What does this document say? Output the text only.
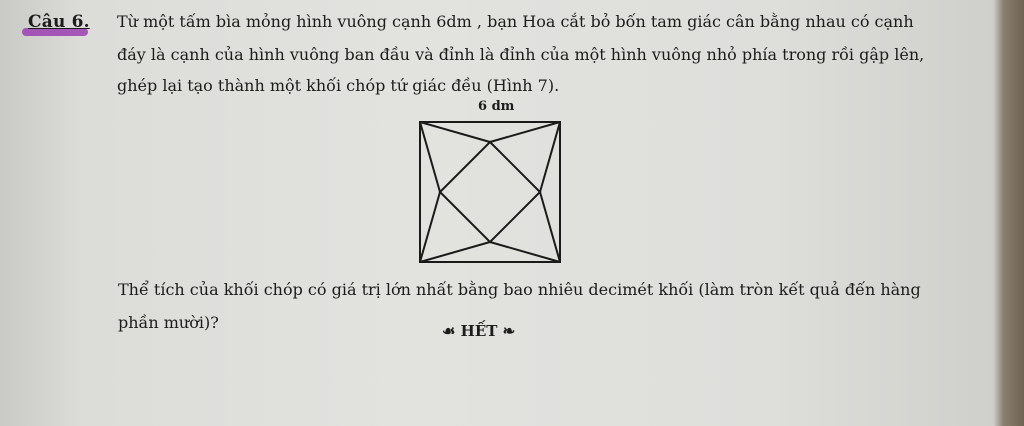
Câu 6. Từ một tấm bìa mỏng hình vuông cạnh 6dm , bạn Hoa cắt bỏ bốn tam giác cân bằng nhau có cạnh
đáy là cạnh của hình vuông ban đầu và đỉnh là đỉnh của một hình vuông nhỏ phía trong rồi gập lên,
ghép lại tạo thành một khối chóp tứ giác đều (Hình 7).
6 dm
Thể tích của khối chóp có giá trị lớn nhất bằng bao nhiêu decimét khối (làm tròn kết quả đến hàng
phần mười)?	☙ HẾT ❧
